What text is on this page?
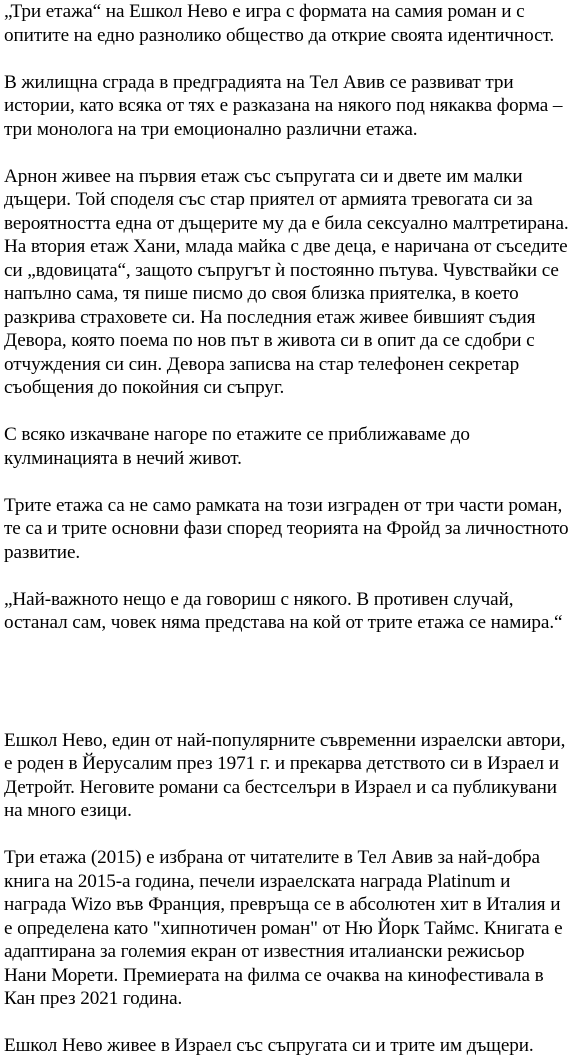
„Три етажа“ на Ешкол Нево е игра с формата на самия роман и с
опитите на едно разнолико общество да открие своята идентичност.

В жилищна сграда в предградията на Тел Авив се развиват три
истории, като всяка от тях е разказана на някого под някаква форма –
три монолога на три емоционално различни етажа.

Арнон живее на първия етаж със съпругата си и двете им малки
дъщери. Той споделя със стар приятел от армията тревогата си за
вероятността една от дъщерите му да е била сексуално малтретирана.
На втория етаж Хани, млада майка с две деца, е наричана от съседите
си „вдовицата“, защото съпругът ѝ постоянно пътува. Чувствайки се
напълно сама, тя пише писмо до своя близка приятелка, в което
разкрива страховете си. На последния етаж живее бившият съдия
Девора, която поема по нов път в живота си в опит да се сдобри с
отчуждения си син. Девора записва на стар телефонен секретар
съобщения до покойния си съпруг.

С всяко изкачване нагоре по етажите се приближаваме до
кулминацията в нечий живот.

Трите етажа са не само рамката на този изграден от три части роман,
те са и трите основни фази според теорията на Фройд за личностното
развитие.

„Най-важното нещо е да говориш с някого. В противен случай,
останал сам, човек няма представа на кой от трите етажа се намира.“

Ешкол Нево, един от най-популярните съвременни израелски автори,
е роден в Йерусалим през 1971 г. и прекарва детството си в Израел и
Детройт. Неговите романи са бестселъри в Израел и са публикувани
на много езици.

Три етажа (2015) е избрана от читателите в Тел Авив за най-добра
книга на 2015-а година, печели израелската награда Platinum и
награда Wizo във Франция, превръща се в абсолютен хит в Италия и
е определена като "хипнотичен роман" от Ню Йорк Таймс. Книгата е
адаптирана за големия екран от известния италиански режисьор
Нани Морети. Премиерата на филма се очаква на кинофестивала в
Кан през 2021 година.

Ешкол Нево живее в Израел със съпругата си и трите им дъщери.
